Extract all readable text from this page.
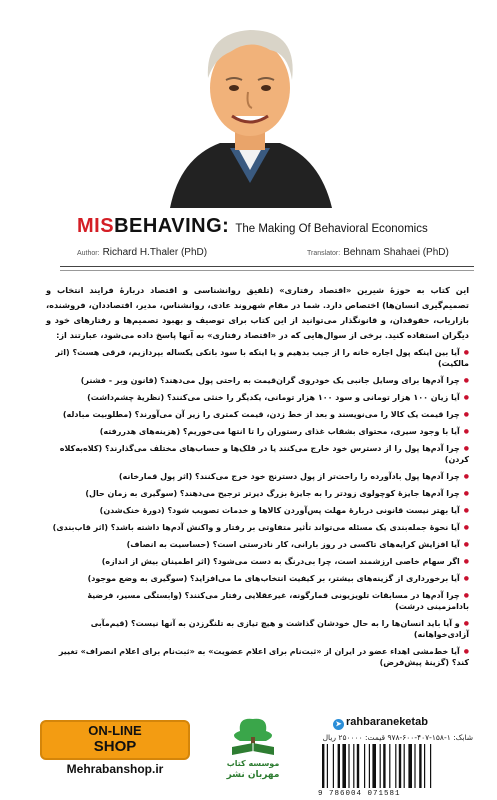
MIS BEHAVING: The Making Of Behavioral Economics
Author: Richard H.Thaler (PhD)	Translator: Behnam Shahaei (PhD)

این کتاب به حوزهٔ شیرین «اقتصاد رفتاری» (تلفیق روانشناسی و اقتصاد دربارهٔ فرایند انتخاب و تصمیم‌گیری انسان‌ها) اختصاص دارد. شما در مقام شهروند عادی، روانشناس، مدیر، اقتصاددان، فروشنده، بازاریاب، حقوقدان، و قانونگذار می‌توانید از این کتاب برای توصیف و بهبود تصمیم‌ها و رفتارهای خود و دیگران استفاده کنید. برخی از سوال‌هایی که در «اقتصاد رفتاری» به آنها پاسخ داده می‌شود، عبارتند از:

● آیا بین اینکه پول اجاره خانه را از جیب بدهیم و یا اینکه با سود بانکی یکساله بپردازیم، فرقی هست؟ (اثر مالکیت)
● چرا آدم‌ها برای وسایل جانبی یک خودروی گران‌قیمت به راحتی پول می‌دهند؟ (قانون وبر - فشنر)
● آیا زیان ۱۰۰ هزار تومانی و سود ۱۰۰ هزار تومانی، یکدیگر را خنثی می‌کنند؟ (نظریهٔ چشم‌داشت)
● چرا قیمت یک کالا را می‌نویسند و بعد از خط زدن، قیمت کمتری را زیر آن می‌آورند؟ (مطلوبیت مبادله)
● آیا با وجود سیری، محتوای بشقاب غذای رستوران را تا انتها می‌خوریم؟ (هزینه‌های هدررفته)
● چرا آدم‌ها پول را از دسترس خود خارج می‌کنند یا در قلک‌ها و حساب‌های مختلف می‌گذارند؟ (کلاه‌به‌کلاه کردن)
● چرا آدم‌ها پول بادآورده را راحت‌تر از پول دسترنج خود خرج می‌کنند؟ (اثر پول قمارخانه)
● چرا آدم‌ها جایزهٔ کوچولوی زودتر را به جایزهٔ بزرگ دیرتر ترجیح می‌دهند؟ (سوگیری به زمان حال)
● آیا بهتر نیست قانونی دربارهٔ مهلت پس‌آوردن کالاها و خدمات تصویب شود؟ (دورهٔ خنک‌شدن)
● آیا نحوهٔ جمله‌بندی یک مسئله می‌تواند تأثیر متفاوتی بر رفتار و واکنش آدم‌ها داشته باشد؟ (اثر قاب‌بندی)
● آیا افزایش کرایه‌های تاکسی در روز بارانی، کار نادرستی است؟ (حساسیت به انصاف)
● اگر سهام خاصی ارزشمند است، چرا بی‌درنگ به دست می‌شود؟ (اثر اطمینان بیش از اندازه)
● آیا برخورداری از گزینه‌های بیشتر، بر کیفیت انتخاب‌های ما می‌افزاید؟ (سوگیری به وضع موجود)
● چرا آدم‌ها در مسابقات تلویزیونی قمارگونه، غیرعقلایی رفتار می‌کنند؟ (وابستگی مسیر، فرضیهٔ بادامزمینی درشت)
● و آیا باید انسان‌ها را به حال خودشان گذاشت و هیچ تیازی به تلنگرزدن به آنها نیست؟ (قیم‌مآبی آزادی‌خواهانه)
● آیا خط‌مشی اهداء عضو در ایران از «ثبت‌نام برای اعلام عضویت» به «ثبت‌نام برای اعلام انصراف» تغییر کند؟ (گزینهٔ پیش‌فرض)
ON-LINE
SHOP
Mehrabanshop.ir	موسسه کتاب
مهربان نشر
➤ rahbaraneketab
شابک: ۱-۱۵۸-۴۰۷-۶۰۰-۹۷۸ قیمت: ۲۵۰۰۰۰ ریال
9 786004 071581
